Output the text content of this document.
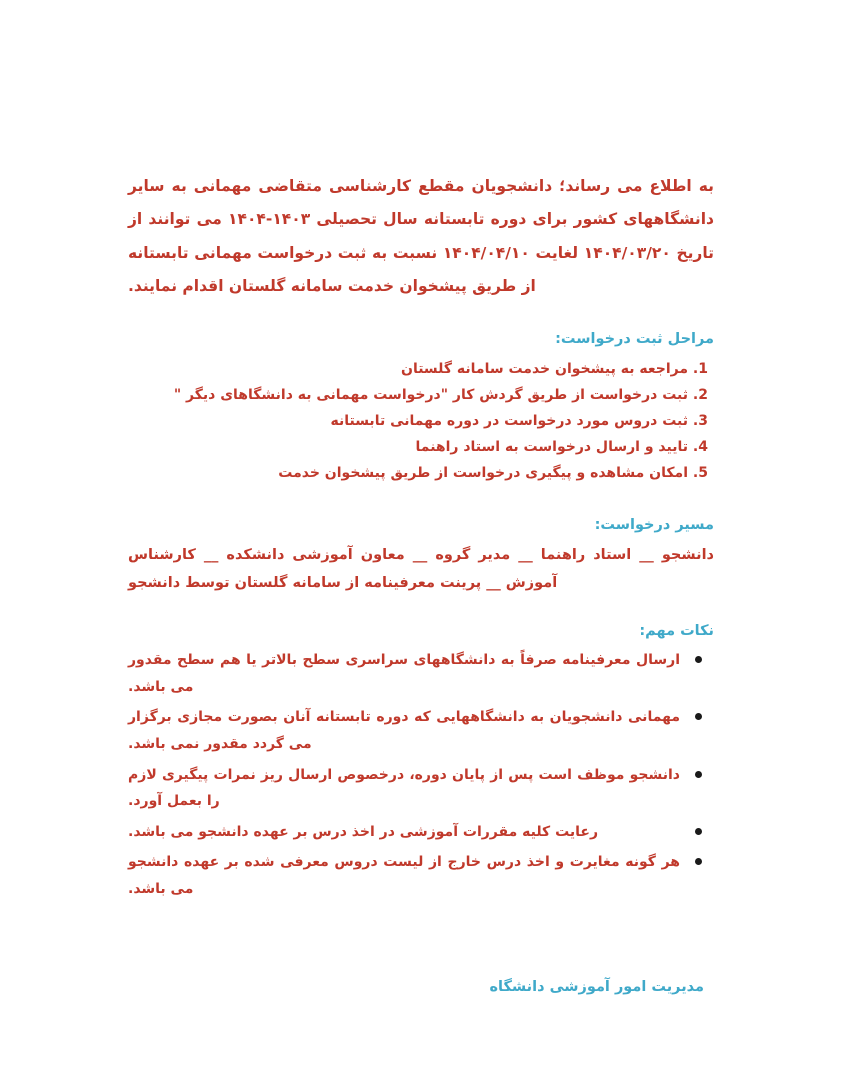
به اطلاع می رساند؛ دانشجویان مقطع کارشناسی متقاضی مهمانی به سایر دانشگاههای کشور برای دوره تابستانه سال تحصیلی ۱۴۰۳-۱۴۰۴ می توانند از تاریخ ۱۴۰۴/۰۳/۲۰ لغایت ۱۴۰۴/۰۴/۱۰ نسبت به ثبت درخواست مهمانی تابستانه از طریق پیشخوان خدمت سامانه گلستان اقدام نمایند.

مراحل ثبت درخواست:
1. مراجعه به پیشخوان خدمت سامانه گلستان
2. ثبت درخواست از طریق گردش کار "درخواست مهمانی به دانشگاهای دیگر "
3. ثبت دروس مورد درخواست در دوره مهمانی تابستانه
4. تایید و ارسال درخواست به استاد راهنما
5. امکان مشاهده و پیگیری درخواست از طریق پیشخوان خدمت
مسیر درخواست:
دانشجو __ استاد راهنما __ مدیر گروه __ معاون آموزشی دانشکده __ کارشناس آموزش __ پرینت معرفینامه از سامانه گلستان توسط دانشجو
نکات مهم:
ارسال معرفینامه صرفاً به دانشگاههای سراسری سطح بالاتر یا هم سطح مقدور می باشد.
مهمانی دانشجویان به دانشگاههایی که دوره تابستانه آنان بصورت مجازی برگزار می گردد مقدور نمی باشد.
دانشجو موظف است پس از پایان دوره، درخصوص ارسال ریز نمرات پیگیری لازم را بعمل آورد.
رعایت کلیه مقررات آموزشی در اخذ درس بر عهده دانشجو می باشد.
هر گونه مغایرت و اخذ درس خارج از لیست دروس معرفی شده بر عهده دانشجو می باشد.
مدیریت امور آموزشی دانشگاه
